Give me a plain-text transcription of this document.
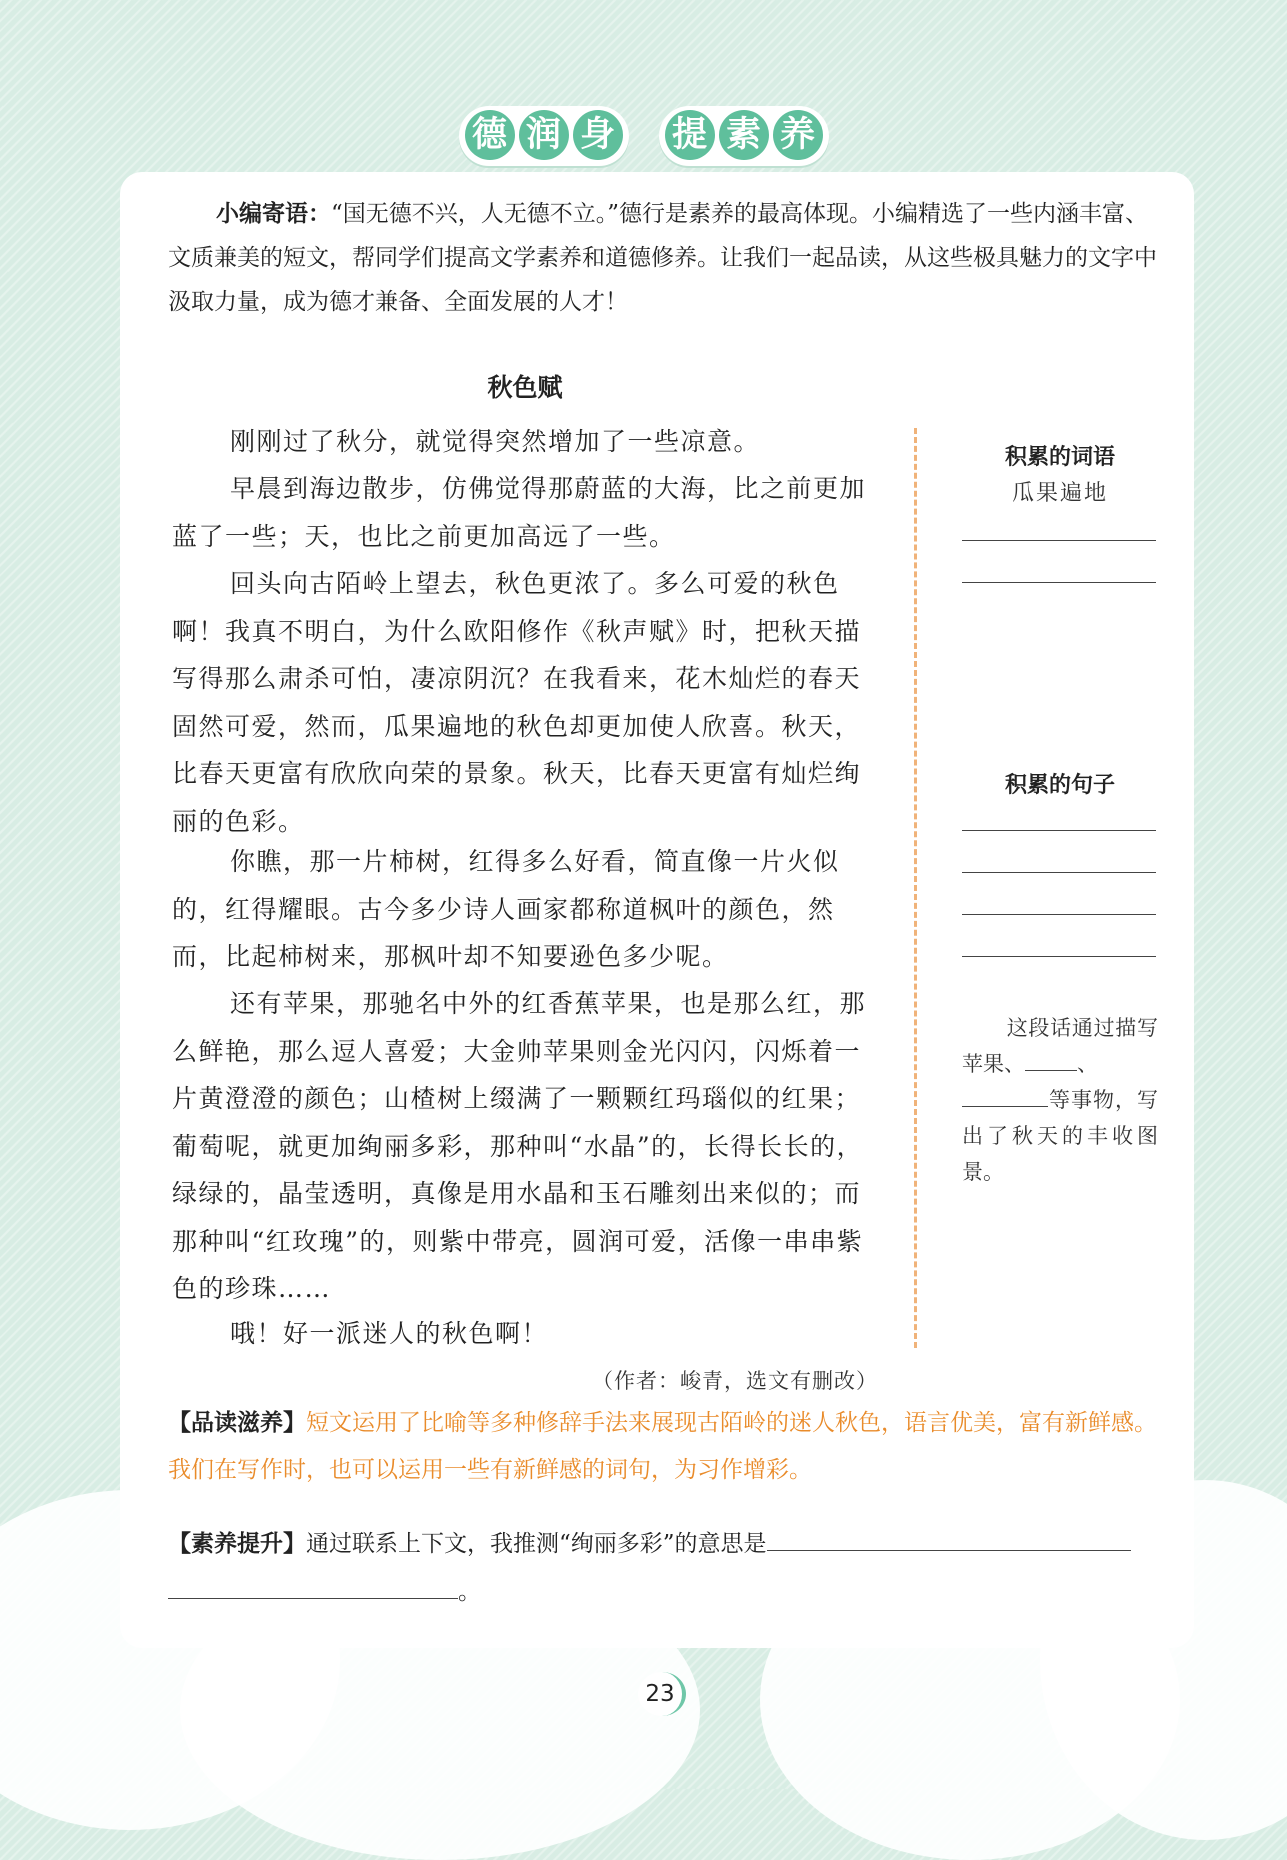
德 润 身 提 素 养
小编寄语：“国无德不兴，人无德不立。”德行是素养的最高体现。小编精选了一些内涵丰富、文质兼美的短文，帮同学们提高文学素养和道德修养。让我们一起品读，从这些极具魅力的文字中汲取力量，成为德才兼备、全面发展的人才！
秋色赋

刚刚过了秋分，就觉得突然增加了一些凉意。

早晨到海边散步，仿佛觉得那蔚蓝的大海，比之前更加蓝了一些；天，也比之前更加高远了一些。

回头向古陌岭上望去，秋色更浓了。多么可爱的秋色啊！我真不明白，为什么欧阳修作《秋声赋》时，把秋天描写得那么肃杀可怕，凄凉阴沉？在我看来，花木灿烂的春天固然可爱，然而，瓜果遍地的秋色却更加使人欣喜。秋天，比春天更富有欣欣向荣的景象。秋天，比春天更富有灿烂绚丽的色彩。

你瞧，那一片柿树，红得多么好看，简直像一片火似的，红得耀眼。古今多少诗人画家都称道枫叶的颜色，然而，比起柿树来，那枫叶却不知要逊色多少呢。

还有苹果，那驰名中外的红香蕉苹果，也是那么红，那么鲜艳，那么逗人喜爱；大金帅苹果则金光闪闪，闪烁着一片黄澄澄的颜色；山楂树上缀满了一颗颗红玛瑙似的红果；葡萄呢，就更加绚丽多彩 • • • •，那种叫“水晶”的，长得长长的，绿绿的，晶莹透明，真像是用水晶和玉石雕刻出来似的；而那种叫“红玫瑰”的，则紫中带亮，圆润可爱，活像一串串紫色的珍珠……

哦！好一派迷人的秋色啊！
（作者：峻青，选文有删改）

积累的词语
瓜果遍地
积累的句子
这段话通过描写苹果、 、
等事物，写出了秋天的丰收图景。
【品读滋养】短文运用了比喻等多种修辞手法来展现古陌岭的迷人秋色，语言优美，富有新鲜感。我们在写作时，也可以运用一些有新鲜感的词句，为习作增彩。
【素养提升】通过联系上下文，我推测“绚丽多彩”的意思是
。
23
